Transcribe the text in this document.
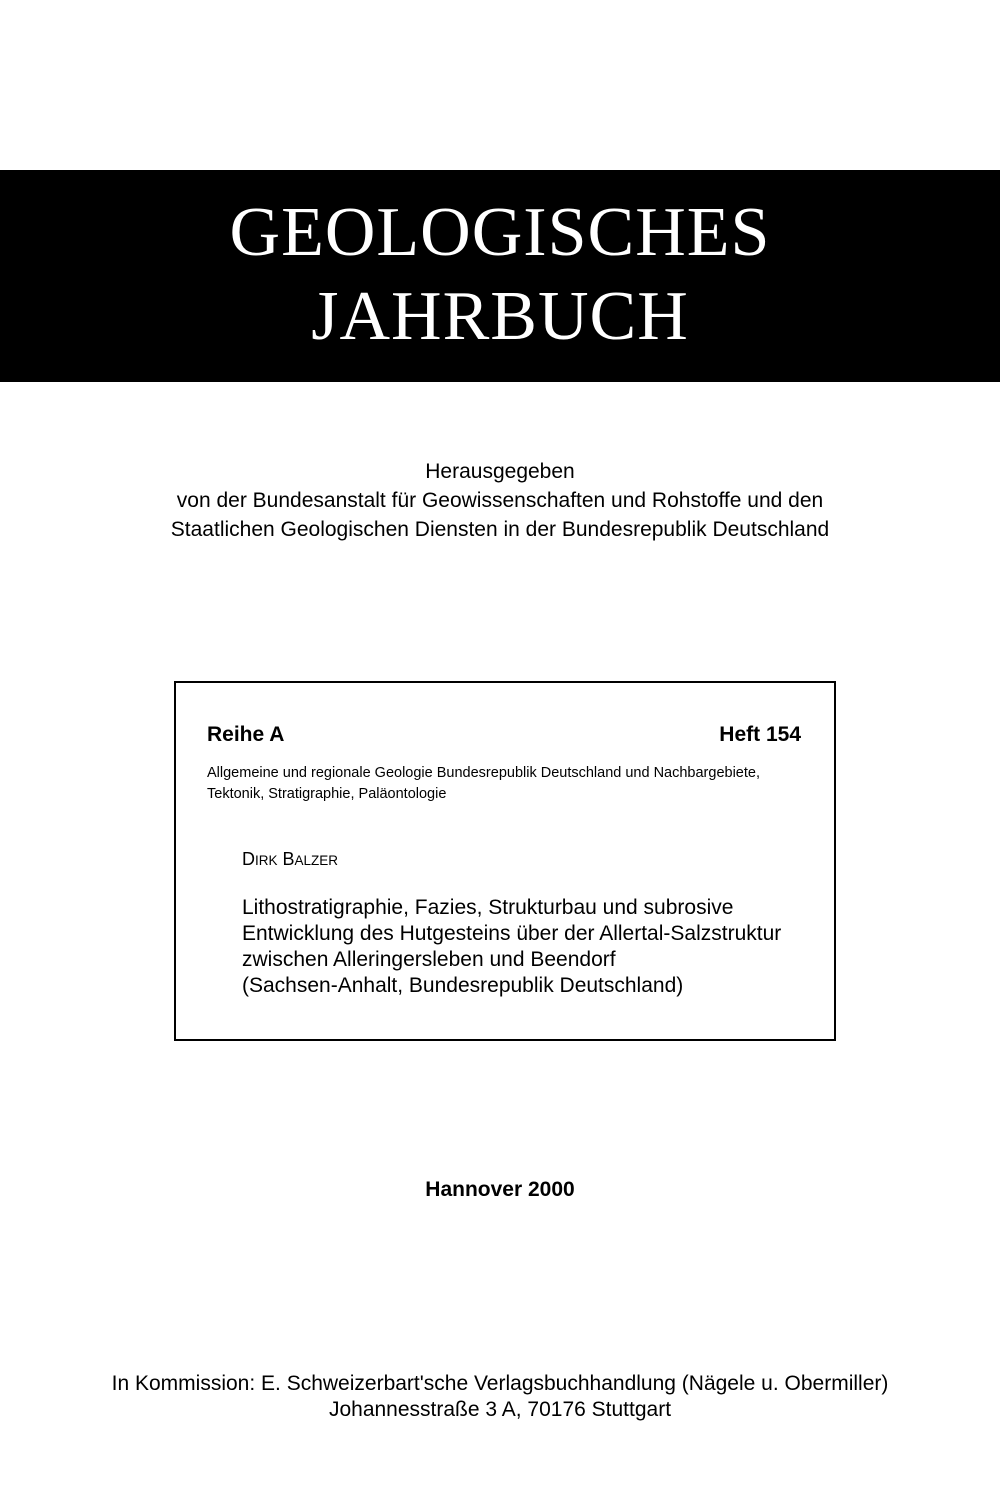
GEOLOGISCHES
JAHRBUCH
Herausgegeben
von der Bundesanstalt für Geowissenschaften und Rohstoffe und den
Staatlichen Geologischen Diensten in der Bundesrepublik Deutschland
Reihe A	Heft 154
Allgemeine und regionale Geologie Bundesrepublik Deutschland und Nachbargebiete,
Tektonik, Stratigraphie, Paläontologie
DIRK BALZER
Lithostratigraphie, Fazies, Strukturbau und subrosive
Entwicklung des Hutgesteins über der Allertal-Salzstruktur
zwischen Alleringersleben und Beendorf
(Sachsen-Anhalt, Bundesrepublik Deutschland)
Hannover 2000
In Kommission: E. Schweizerbart'sche Verlagsbuchhandlung (Nägele u. Obermiller)
Johannesstraße 3 A, 70176 Stuttgart
